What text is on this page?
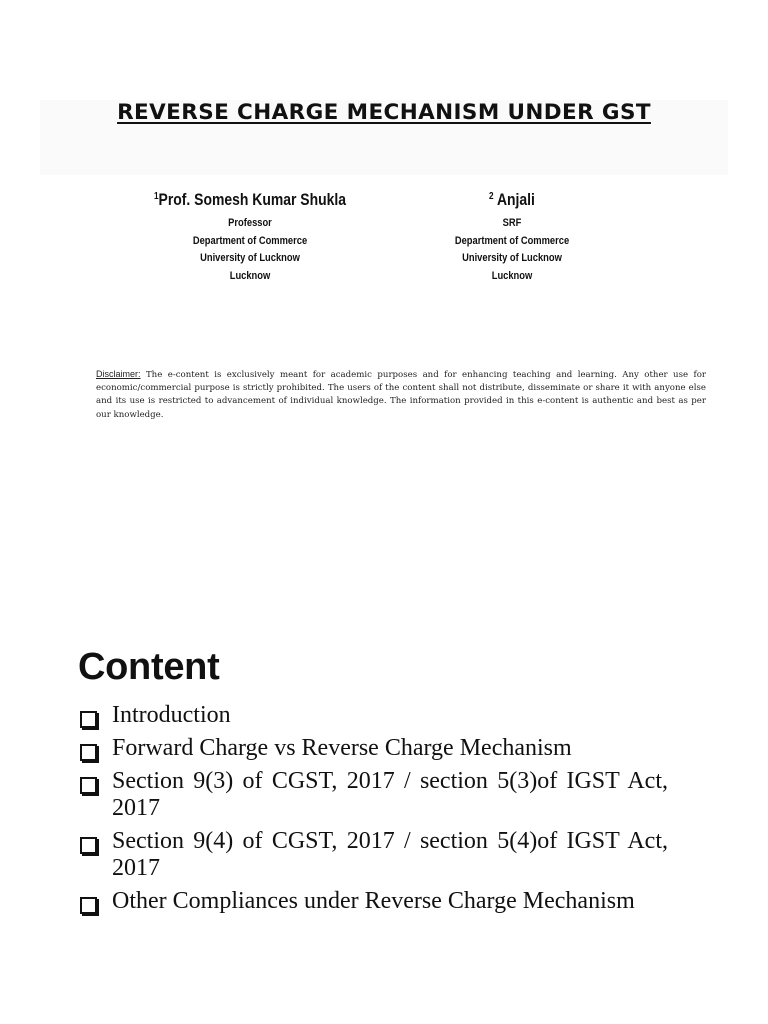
REVERSE CHARGE MECHANISM UNDER GST
$^1$Prof. Somesh Kumar Shukla
Professor
Department of Commerce
University of Lucknow
Lucknow
$^2$ Anjali
SRF
Department of Commerce
University of Lucknow
Lucknow
Disclaimer: The e-content is exclusively meant for academic purposes and for enhancing teaching and learning. Any other use for economic/commercial purpose is strictly prohibited. The users of the content shall not distribute, disseminate or share it with anyone else and its use is restricted to advancement of individual knowledge. The information provided in this e-content is authentic and best as per our knowledge.
Content
Introduction
Forward Charge vs Reverse Charge Mechanism
Section 9(3) of CGST, 2017 / section 5(3)of IGST Act, 2017
Section 9(4) of CGST, 2017 / section 5(4)of IGST Act, 2017
Other Compliances under Reverse Charge Mechanism
